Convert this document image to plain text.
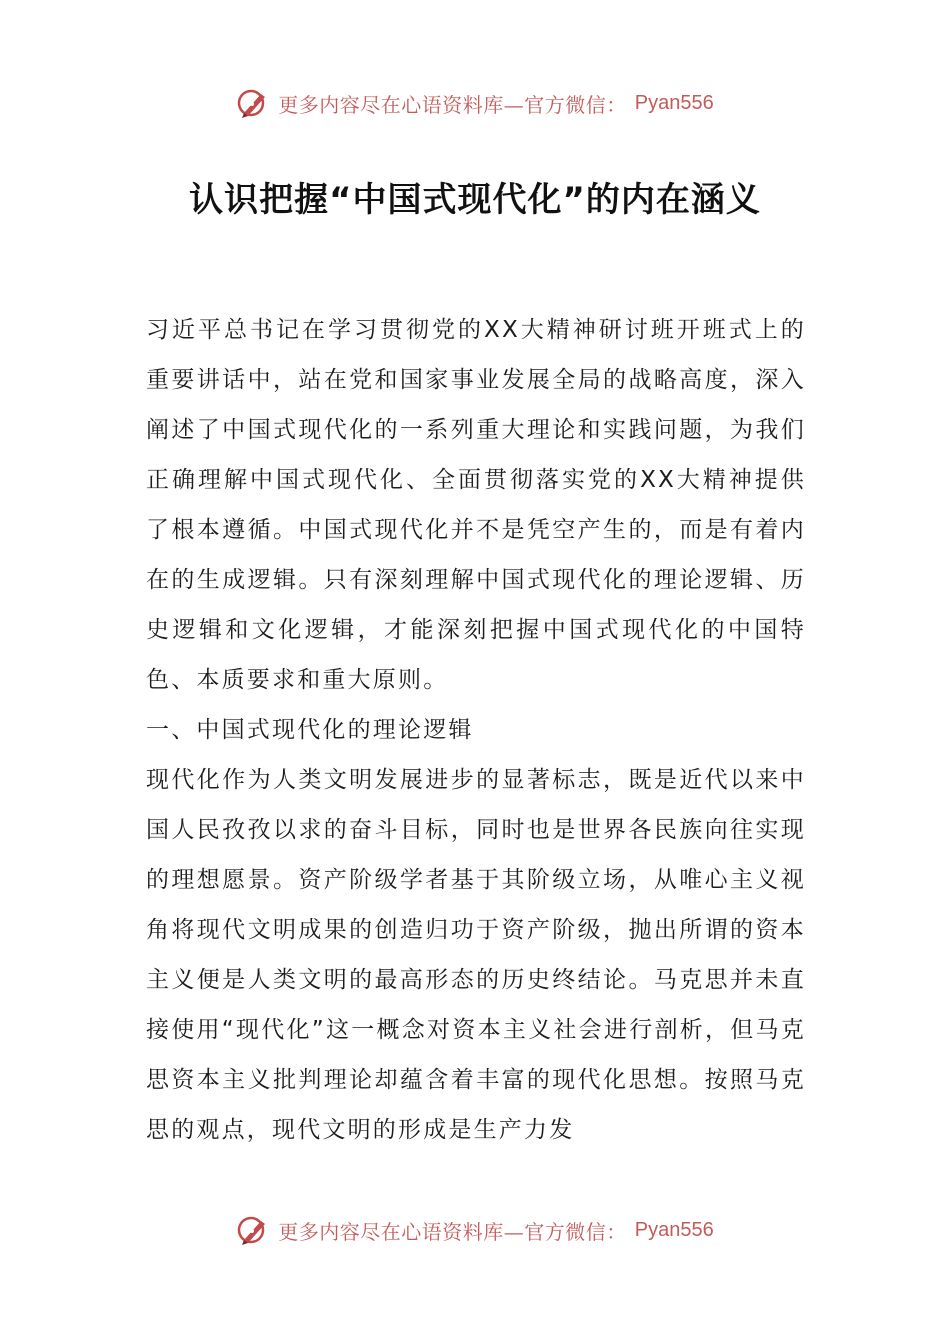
更多内容尽在心语资料库—官方微信： Pyan556
认识把握“中国式现代化”的内在涵义

习近平总书记在学习贯彻党的XX大精神研讨班开班式上的重要讲话中，站在党和国家事业发展全局的战略高度，深入阐述了中国式现代化的一系列重大理论和实践问题，为我们正确理解中国式现代化、全面贯彻落实党的XX大精神提供了根本遵循。中国式现代化并不是凭空产生的，而是有着内在的生成逻辑。只有深刻理解中国式现代化的理论逻辑、历史逻辑和文化逻辑，才能深刻把握中国式现代化的中国特色、本质要求和重大原则。

一、中国式现代化的理论逻辑

现代化作为人类文明发展进步的显著标志，既是近代以来中国人民孜孜以求的奋斗目标，同时也是世界各民族向往实现的理想愿景。资产阶级学者基于其阶级立场，从唯心主义视角将现代文明成果的创造归功于资产阶级，抛出所谓的资本主义便是人类文明的最高形态的历史终结论。马克思并未直接使用“现代化”这一概念对资本主义社会进行剖析，但马克思资本主义批判理论却蕴含着丰富的现代化思想。按照马克思的观点，现代文明的形成是生产力发

更多内容尽在心语资料库—官方微信： Pyan556
